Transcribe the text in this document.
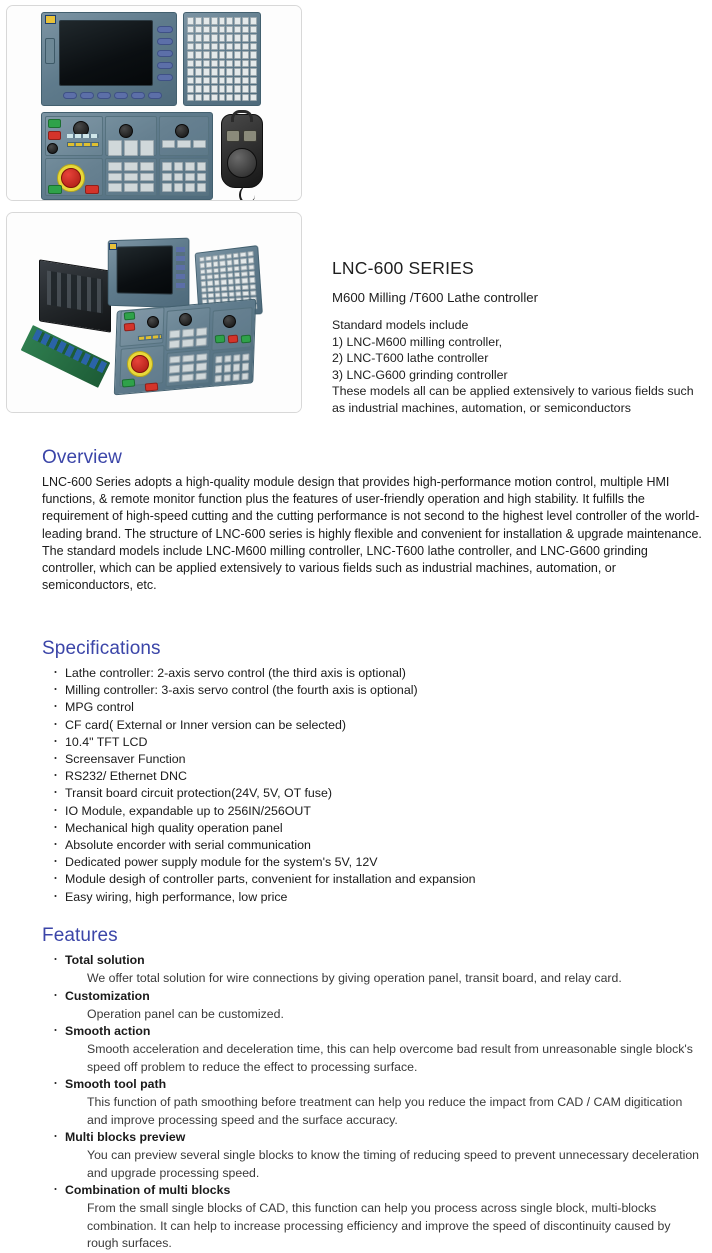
LNC-600 SERIES
M600 Milling /T600 Lathe controller
Standard models include
1) LNC-M600 milling controller,
2) LNC-T600 lathe controller
3) LNC-G600 grinding controller
These models all can be applied extensively to various fields such as industrial machines, automation, or semiconductors
Overview

LNC-600 Series adopts a high-quality module design that provides high-performance motion control, multiple HMI functions, & remote monitor function plus the features of user-friendly operation and high stability. It fulfills the requirement of high-speed cutting and the cutting performance is not second to the highest level controller of the world-leading brand. The structure of LNC-600 series is highly flexible and convenient for installation & upgrade maintenance.

The standard models include LNC-M600 milling controller, LNC-T600 lathe controller, and LNC-G600 grinding controller, which can be applied extensively to various fields such as industrial machines, automation, or semiconductors, etc.

Specifications
・ Lathe controller: 2-axis servo control (the third axis is optional)
・ Milling controller: 3-axis servo control (the fourth axis is optional)
・ MPG control
・ CF card( External or Inner version can be selected)
・ 10.4" TFT LCD
・ Screensaver Function
・ RS232/ Ethernet DNC
・ Transit board circuit protection(24V, 5V, OT fuse)
・ IO Module, expandable up to 256IN/256OUT
・ Mechanical high quality operation panel
・ Absolute encorder with serial communication
・ Dedicated power supply module for the system's 5V, 12V
・ Module desigh of controller parts, convenient for installation and expansion
・ Easy wiring, high performance, low price
Features
・ Total solution
We offer total solution for wire connections by giving operation panel, transit board, and relay card.
・ Customization
Operation panel can be customized.
・ Smooth action
Smooth acceleration and deceleration time, this can help overcome bad result from unreasonable single block's speed off problem to reduce the effect to processing surface.
・ Smooth tool path
This function of path smoothing before treatment can help you reduce the impact from CAD / CAM digitication and improve processing speed and the surface accuracy.
・ Multi blocks preview
You can preview several single blocks to know the timing of reducing speed to prevent unnecessary deceleration and upgrade processing speed.
・ Combination of multi blocks
From the small single blocks of CAD, this function can help you process across single block, multi-blocks combination. It can help to increase processing efficiency and improve the speed of discontinuity caused by rough surfaces.
